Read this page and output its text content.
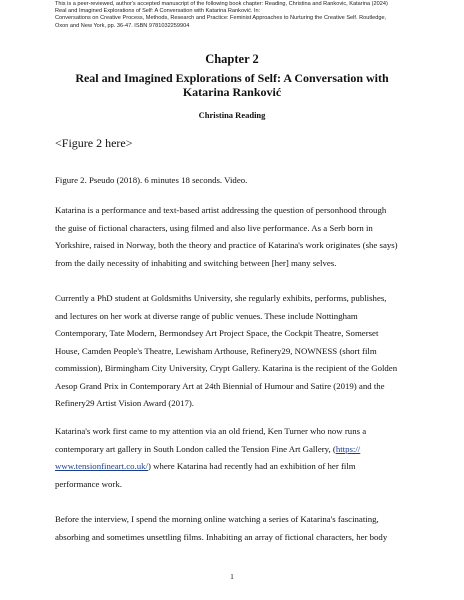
This is a peer-reviewed, author's accepted manuscript of the following book chapter: Reading, Christina and Rankovic, Katarina (2024)
Real and Imagined Explorations of Self: A Conversation with Katarina Ranković. In:
Conversations on Creative Process, Methods, Research and Practice: Feminist Approaches to Nurturing the Creative Self. Routledge,
Oxon and New York, pp. 36-47. ISBN 9781032259904
Chapter 2
Real and Imagined Explorations of Self: A Conversation with Katarina Ranković
Christina Reading
<Figure 2 here>
Figure 2. Pseudo (2018). 6 minutes 18 seconds. Video.
Katarina is a performance and text-based artist addressing the question of personhood through
the guise of fictional characters, using filmed and also live performance. As a Serb born in
Yorkshire, raised in Norway, both the theory and practice of Katarina's work originates (she says)
from the daily necessity of inhabiting and switching between [her] many selves.
Currently a PhD student at Goldsmiths University, she regularly exhibits, performs, publishes,
and lectures on her work at diverse range of public venues. These include Nottingham
Contemporary, Tate Modern, Bermondsey Art Project Space, the Cockpit Theatre, Somerset
House, Camden People's Theatre, Lewisham Arthouse, Refinery29, NOWNESS (short film
commission), Birmingham City University, Crypt Gallery. Katarina is the recipient of the Golden
Aesop Grand Prix in Contemporary Art at 24th Biennial of Humour and Satire (2019) and the
Refinery29 Artist Vision Award (2017).
Katarina's work first came to my attention via an old friend, Ken Turner who now runs a
contemporary art gallery in South London called the Tension Fine Art Gallery, (https://
www.tensionfineart.co.uk/) where Katarina had recently had an exhibition of her film
performance work.
Before the interview, I spend the morning online watching a series of Katarina's fascinating,
absorbing and sometimes unsettling films. Inhabiting an array of fictional characters, her body
1
